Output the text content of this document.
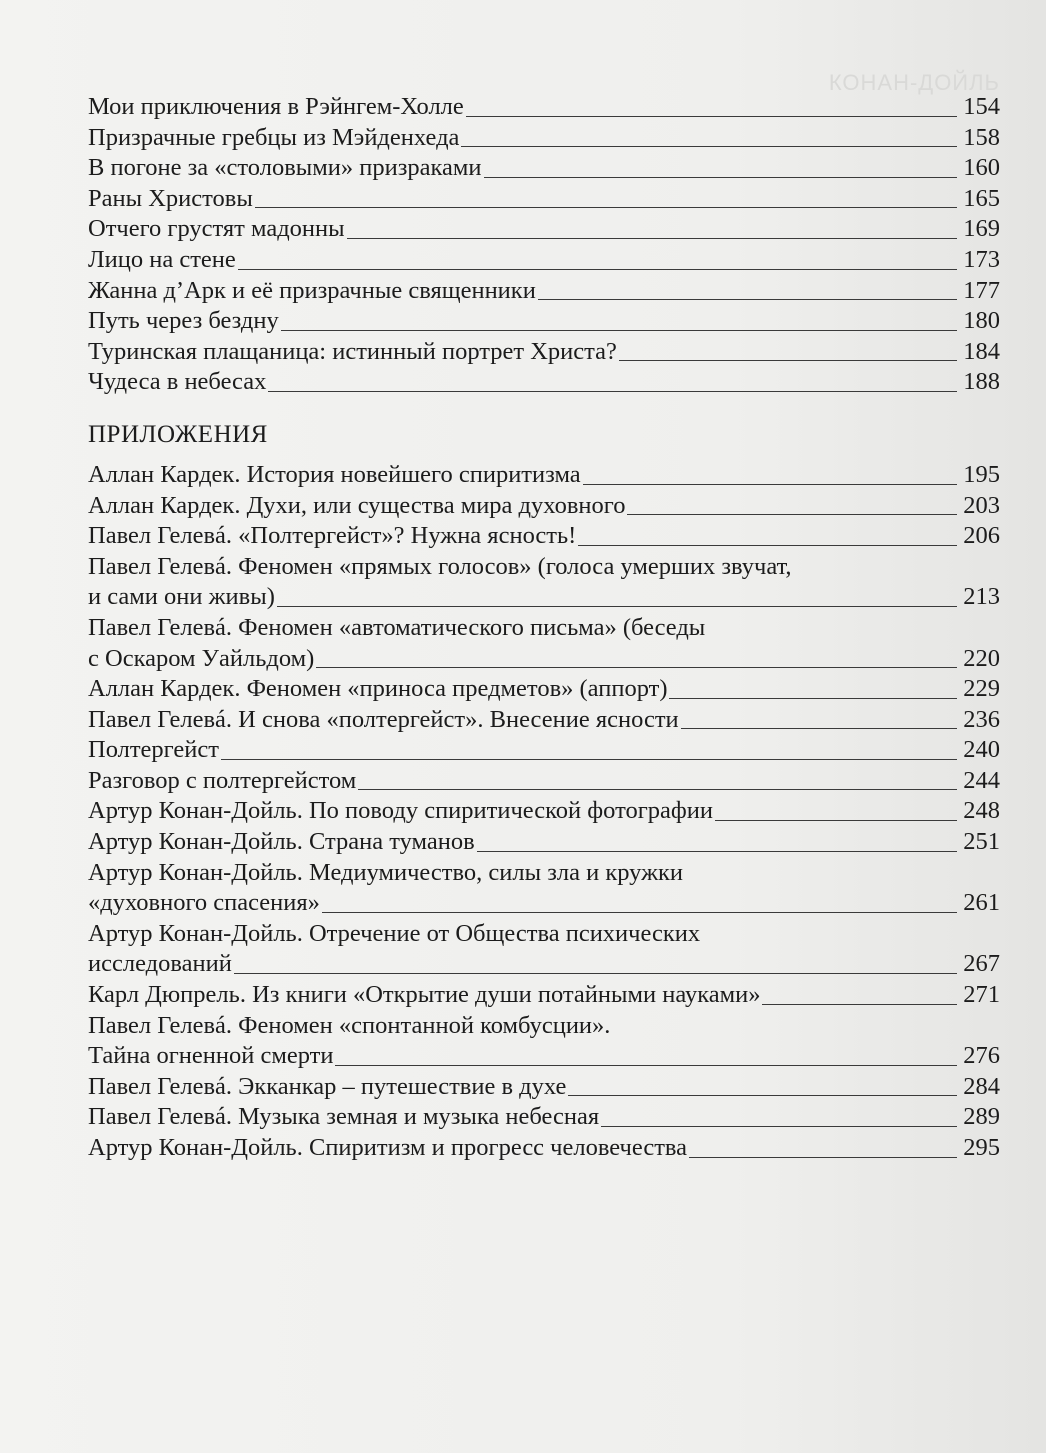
КОНАН-ДОЙЛЬ
Мои приключения в Рэйнгем-Холле	154
Призрачные гребцы из Мэйденхеда	158
В погоне за «столовыми» призраками	160
Раны Христовы	165
Отчего грустят мадонны	169
Лицо на стене	173
Жанна д’Арк и её призрачные священники	177
Путь через бездну	180
Туринская плащаница: истинный портрет Христа?	184
Чудеса в небесах	188
ПРИЛОЖЕНИЯ
Аллан Кардек. История новейшего спиритизма	195
Аллан Кардек. Духи, или существа мира духовного	203
Павел Гелевá. «Полтергейст»? Нужна ясность!	206
Павел Гелевá. Феномен «прямых голосов» (голоса умерших звучат,
и сами они живы)	213
Павел Гелевá. Феномен «автоматического письма» (беседы
с Оскаром Уайльдом)	220
Аллан Кардек. Феномен «приноса предметов» (аппорт)	229
Павел Гелевá. И снова «полтергейст». Внесение ясности	236
Полтергейст	240
Разговор с полтергейстом	244
Артур Конан-Дойль. По поводу спиритической фотографии	248
Артур Конан-Дойль. Страна туманов	251
Артур Конан-Дойль. Медиумичество, силы зла и кружки
«духовного спасения»	261
Артур Конан-Дойль. Отречение от Общества психических
исследований	267
Карл Дюпрель. Из книги «Открытие души потайными науками»	271
Павел Гелевá. Феномен «спонтанной комбусции».
Тайна огненной смерти	276
Павел Гелевá. Экканкар – путешествие в духе	284
Павел Гелевá. Музыка земная и музыка небесная	289
Артур Конан-Дойль. Спиритизм и прогресс человечества	295
